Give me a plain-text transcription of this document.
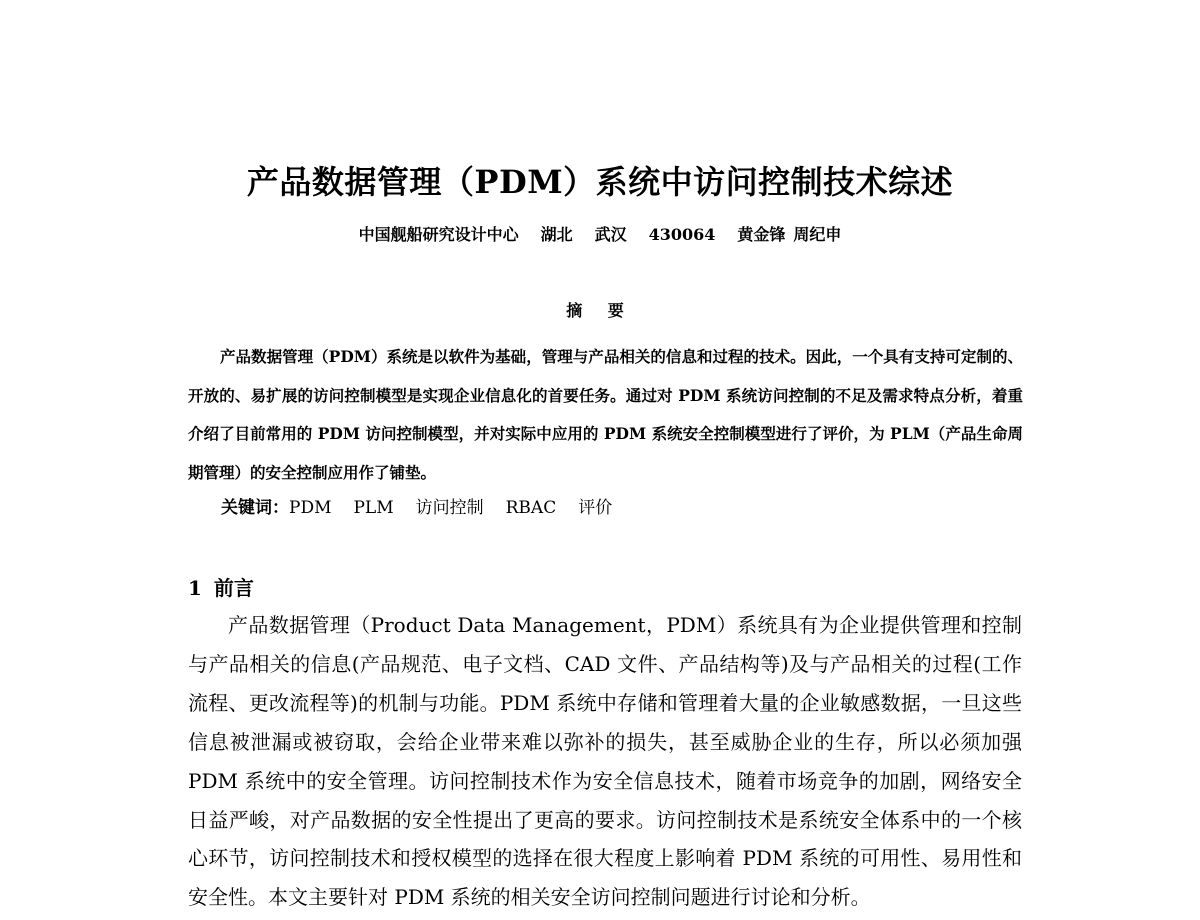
产品数据管理（PDM）系统中访问控制技术综述
中国舰船研究设计中心 湖北 武汉 430064 黄金锋 周纪申
摘 要

产品数据管理（PDM）系统是以软件为基础，管理与产品相关的信息和过程的技术。因此，一个具有支持可定制的、开放的、易扩展的访问控制模型是实现企业信息化的首要任务。通过对 PDM 系统访问控制的不足及需求特点分析，着重介绍了目前常用的 PDM 访问控制模型，并对实际中应用的 PDM 系统安全控制模型进行了评价，为 PLM（产品生命周期管理）的安全控制应用作了铺垫。

关键词：PDM PLM 访问控制 RBAC 评价
1 前言

产品数据管理（Product Data Management，PDM）系统具有为企业提供管理和控制与产品相关的信息(产品规范、电子文档、CAD 文件、产品结构等)及与产品相关的过程(工作流程、更改流程等)的机制与功能。PDM 系统中存储和管理着大量的企业敏感数据，一旦这些信息被泄漏或被窃取，会给企业带来难以弥补的损失，甚至威胁企业的生存，所以必须加强 PDM 系统中的安全管理。访问控制技术作为安全信息技术，随着市场竞争的加剧，网络安全日益严峻，对产品数据的安全性提出了更高的要求。访问控制技术是系统安全体系中的一个核心环节，访问控制技术和授权模型的选择在很大程度上影响着 PDM 系统的可用性、易用性和安全性。本文主要针对 PDM 系统的相关安全访问控制问题进行讨论和分析。
